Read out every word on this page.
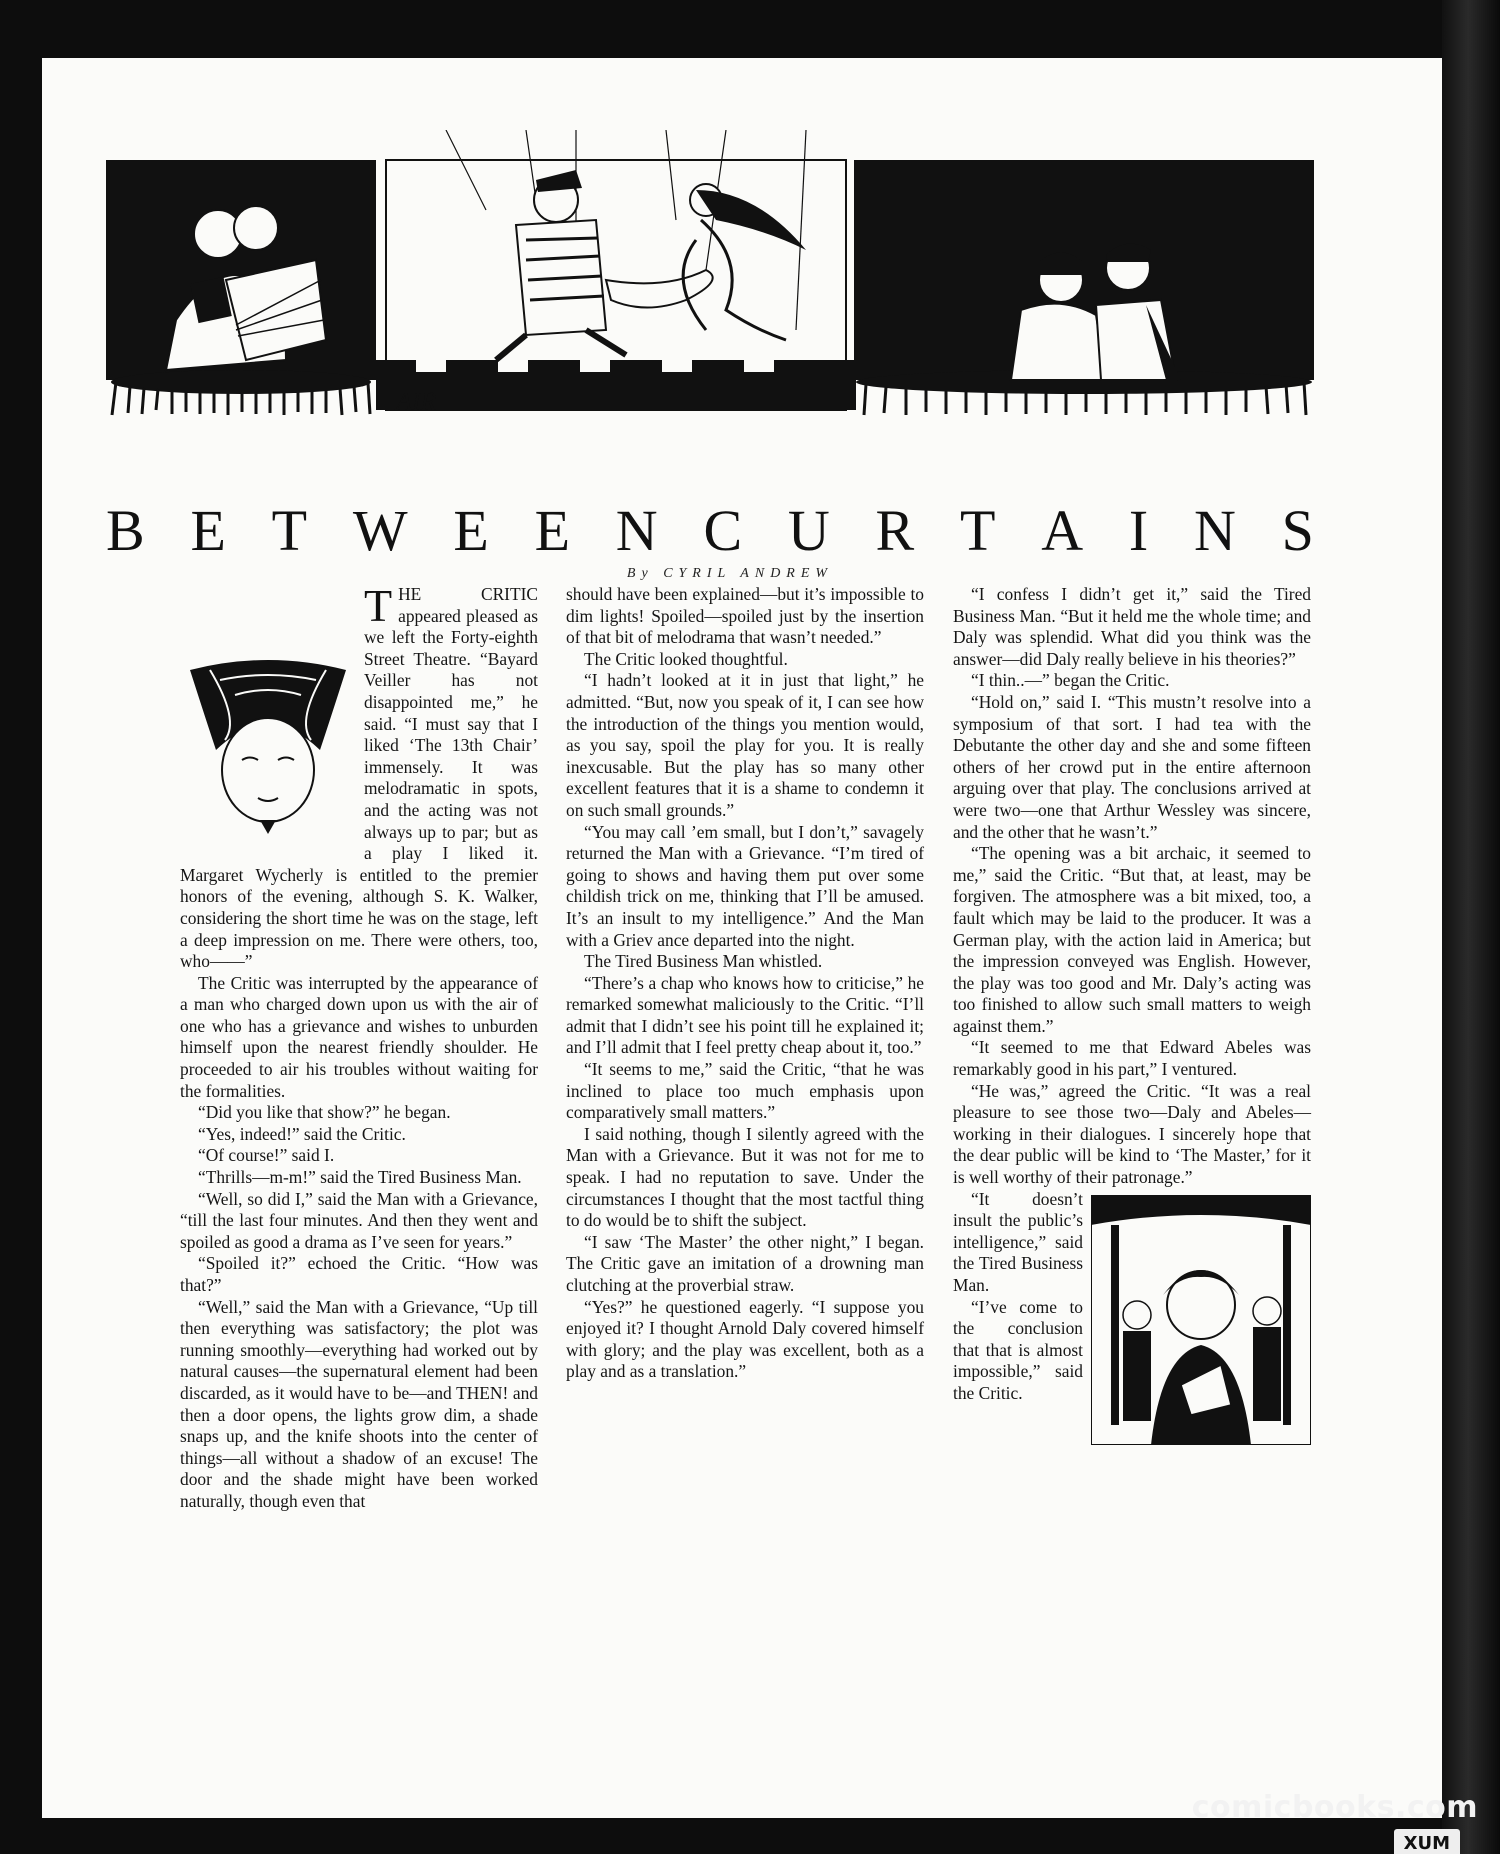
AIR
B E T W E E N C U R T A I N S
By CYRIL ANDREW

THE CRITIC appeared pleased as we left the Forty-eighth Street Theatre. “Bayard Veiller has not disappointed me,” he said. “I must say that I liked ‘The 13th Chair’ immensely. It was melodramatic in spots, and the acting was not always up to par; but as a play I liked it. Margaret Wycherly is entitled to the premier honors of the evening, although S. K. Walker, considering the short time he was on the stage, left a deep impression on me. There were others, too, who——”

The Critic was interrupted by the appearance of a man who charged down upon us with the air of one who has a grievance and wishes to unburden himself upon the nearest friendly shoulder. He proceeded to air his troubles without waiting for the formalities.

“Did you like that show?” he began.

“Yes, indeed!” said the Critic.

“Of course!” said I.

“Thrills—m-m!” said the Tired Business Man.

“Well, so did I,” said the Man with a Grievance, “till the last four minutes. And then they went and spoiled as good a drama as I’ve seen for years.”

“Spoiled it?” echoed the Critic. “How was that?”

“Well,” said the Man with a Grievance, “Up till then everything was satisfactory; the plot was running smoothly—everything had worked out by natural causes—the supernatural element had been discarded, as it would have to be—and THEN! and then a door opens, the lights grow dim, a shade snaps up, and the knife shoots into the center of things—all without a shadow of an excuse! The door and the shade might have been worked naturally, though even that

should have been explained—but it’s impossible to dim lights! Spoiled—spoiled just by the insertion of that bit of melodrama that wasn’t needed.”

The Critic looked thoughtful.

“I hadn’t looked at it in just that light,” he admitted. “But, now you speak of it, I can see how the introduction of the things you mention would, as you say, spoil the play for you. It is really inexcusable. But the play has so many other excellent features that it is a shame to condemn it on such small grounds.”

“You may call ’em small, but I don’t,” savagely returned the Man with a Grievance. “I’m tired of going to shows and having them put over some childish trick on me, thinking that I’ll be amused. It’s an insult to my intelligence.” And the Man with a Griev ance departed into the night.

The Tired Business Man whistled.

“There’s a chap who knows how to criticise,” he remarked somewhat maliciously to the Critic. “I’ll admit that I didn’t see his point till he explained it; and I’ll admit that I feel pretty cheap about it, too.”

“It seems to me,” said the Critic, “that he was inclined to place too much emphasis upon comparatively small matters.”

I said nothing, though I silently agreed with the Man with a Grievance. But it was not for me to speak. I had no reputation to save. Under the circumstances I thought that the most tactful thing to do would be to shift the subject.

“I saw ‘The Master’ the other night,” I began. The Critic gave an imitation of a drowning man clutching at the proverbial straw.

“Yes?” he questioned eagerly. “I suppose you enjoyed it? I thought Arnold Daly covered himself with glory; and the play was excellent, both as a play and as a translation.”

“I confess I didn’t get it,” said the Tired Business Man. “But it held me the whole time; and Daly was splendid. What did you think was the answer—did Daly really believe in his theories?”

“I thin..—” began the Critic.

“Hold on,” said I. “This mustn’t resolve into a symposium of that sort. I had tea with the Debutante the other day and she and some fifteen others of her crowd put in the entire afternoon arguing over that play. The conclusions arrived at were two—one that Arthur Wessley was sincere, and the other that he wasn’t.”

“The opening was a bit archaic, it seemed to me,” said the Critic. “But that, at least, may be forgiven. The atmosphere was a bit mixed, too, a fault which may be laid to the producer. It was a German play, with the action laid in America; but the impression conveyed was English. However, the play was too good and Mr. Daly’s acting was too finished to allow such small matters to weigh against them.”

“It seemed to me that Edward Abeles was remarkably good in his part,” I ventured.

“He was,” agreed the Critic. “It was a real pleasure to see those two—Daly and Abeles—working in their dialogues. I sincerely hope that the dear public will be kind to ‘The Master,’ for it is well worthy of their patronage.”

“It doesn’t insult the public’s intelligence,” said the Tired Business Man.

“I’ve come to the conclusion that that is almost impossible,” said the Critic.

comicbooks.com
XUM
